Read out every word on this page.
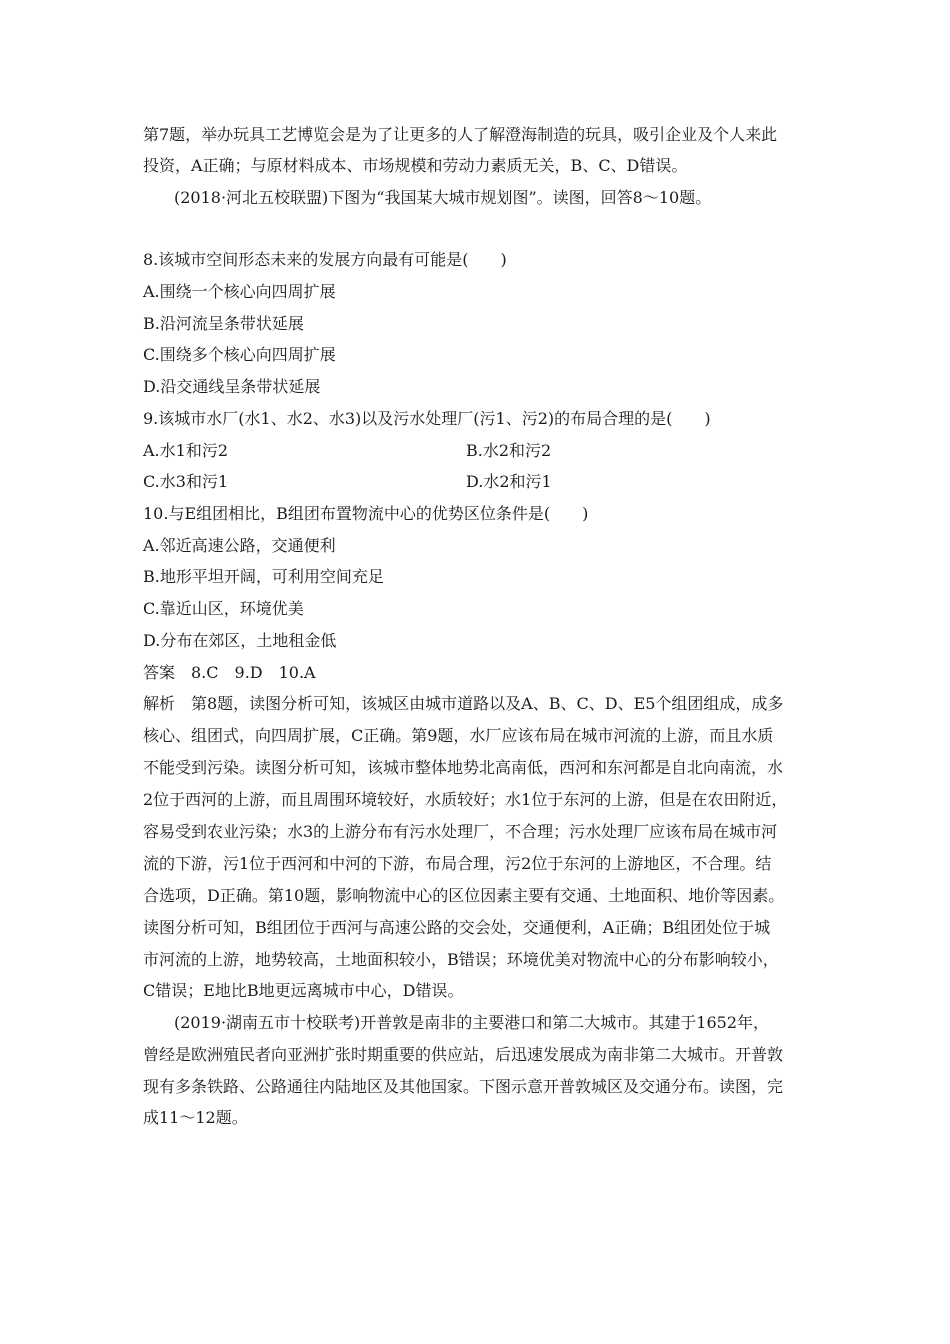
第7题，举办玩具工艺博览会是为了让更多的人了解澄海制造的玩具，吸引企业及个人来此
投资，A正确；与原材料成本、市场规模和劳动力素质无关，B、C、D错误。
(2018·河北五校联盟)下图为“我国某大城市规划图”。读图，回答8～10题。
8.该城市空间形态未来的发展方向最有可能是(　　)
A.围绕一个核心向四周扩展
B.沿河流呈条带状延展
C.围绕多个核心向四周扩展
D.沿交通线呈条带状延展
9.该城市水厂(水1、水2、水3)以及污水处理厂(污1、污2)的布局合理的是(　　)
A.水1和污2	B.水2和污2
C.水3和污1	D.水2和污1
10.与E组团相比，B组团布置物流中心的优势区位条件是(　　)
A.邻近高速公路，交通便利
B.地形平坦开阔，可利用空间充足
C.靠近山区，环境优美
D.分布在郊区，土地租金低
答案　8.C　9.D　10.A
解析　第8题，读图分析可知，该城区由城市道路以及A、B、C、D、E5个组团组成，成多
核心、组团式，向四周扩展，C正确。第9题，水厂应该布局在城市河流的上游，而且水质
不能受到污染。读图分析可知，该城市整体地势北高南低，西河和东河都是自北向南流，水
2位于西河的上游，而且周围环境较好，水质较好；水1位于东河的上游，但是在农田附近，
容易受到农业污染；水3的上游分布有污水处理厂，不合理；污水处理厂应该布局在城市河
流的下游，污1位于西河和中河的下游，布局合理，污2位于东河的上游地区，不合理。结
合选项，D正确。第10题，影响物流中心的区位因素主要有交通、土地面积、地价等因素。
读图分析可知，B组团位于西河与高速公路的交会处，交通便利，A正确；B组团处位于城
市河流的上游，地势较高，土地面积较小，B错误；环境优美对物流中心的分布影响较小，
C错误；E地比B地更远离城市中心，D错误。
(2019·湖南五市十校联考)开普敦是南非的主要港口和第二大城市。其建于1652年，
曾经是欧洲殖民者向亚洲扩张时期重要的供应站，后迅速发展成为南非第二大城市。开普敦
现有多条铁路、公路通往内陆地区及其他国家。下图示意开普敦城区及交通分布。读图，完
成11～12题。
